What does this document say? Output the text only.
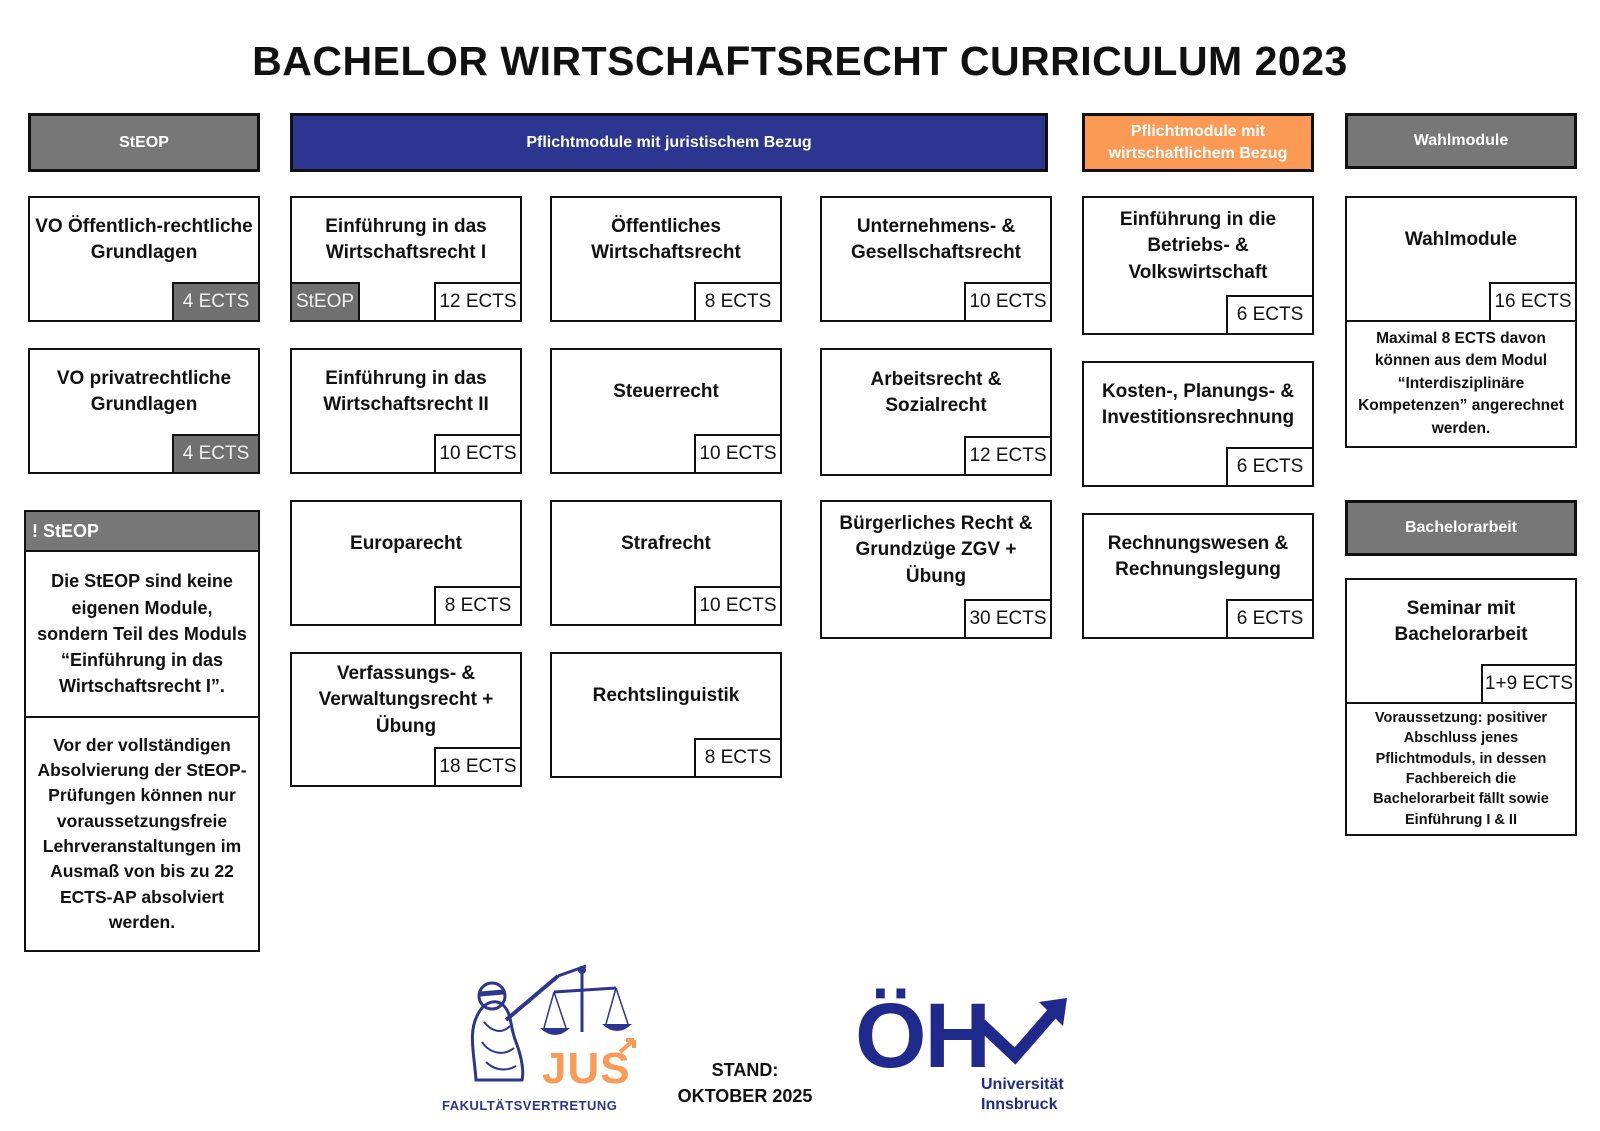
BACHELOR WIRTSCHAFTSRECHT CURRICULUM 2023
StEOP	Pflichtmodule mit juristischem Bezug
Pflichtmodule mit wirtschaftlichem Bezug
Wahlmodule
VO Öffentlich-rechtliche Grundlagen
4 ECTS
VO privatrechtliche Grundlagen
4 ECTS
! StEOP
Die StEOP sind keine eigenen Module, sondern Teil des Moduls “Einführung in das Wirtschaftsrecht I”.
Vor der vollständigen Absolvierung der StEOP-Prüfungen können nur voraussetzungsfreie Lehrveranstaltungen im Ausmaß von bis zu 22 ECTS-AP absolviert werden.
Einführung in das Wirtschaftsrecht I
StEOP	12 ECTS
Einführung in das Wirtschaftsrecht II
10 ECTS
Europarecht
8 ECTS
Verfassungs- & Verwaltungsrecht + Übung
18 ECTS
Öffentliches Wirtschaftsrecht
8 ECTS
Steuerrecht
10 ECTS
Strafrecht
10 ECTS
Rechtslinguistik
8 ECTS
Unternehmens- & Gesellschaftsrecht
10 ECTS
Arbeitsrecht & Sozialrecht
12 ECTS
Bürgerliches Recht & Grundzüge ZGV + Übung
30 ECTS
Einführung in die Betriebs- & Volkswirtschaft
6 ECTS
Kosten-, Planungs- & Investitionsrechnung
6 ECTS
Rechnungswesen & Rechnungslegung
6 ECTS
Wahlmodule
16 ECTS
Maximal 8 ECTS davon können aus dem Modul “Interdisziplinäre Kompetenzen” angerechnet werden.
Bachelorarbeit
Seminar mit Bachelorarbeit
1+9 ECTS
Voraussetzung: positiver Abschluss jenes Pflichtmoduls, in dessen Fachbereich die Bachelorarbeit fällt sowie Einführung I & II
JUS
FAKULTÄTSVERTRETUNG
STAND:
OKTOBER 2025
ÖH
Universität
Innsbruck
